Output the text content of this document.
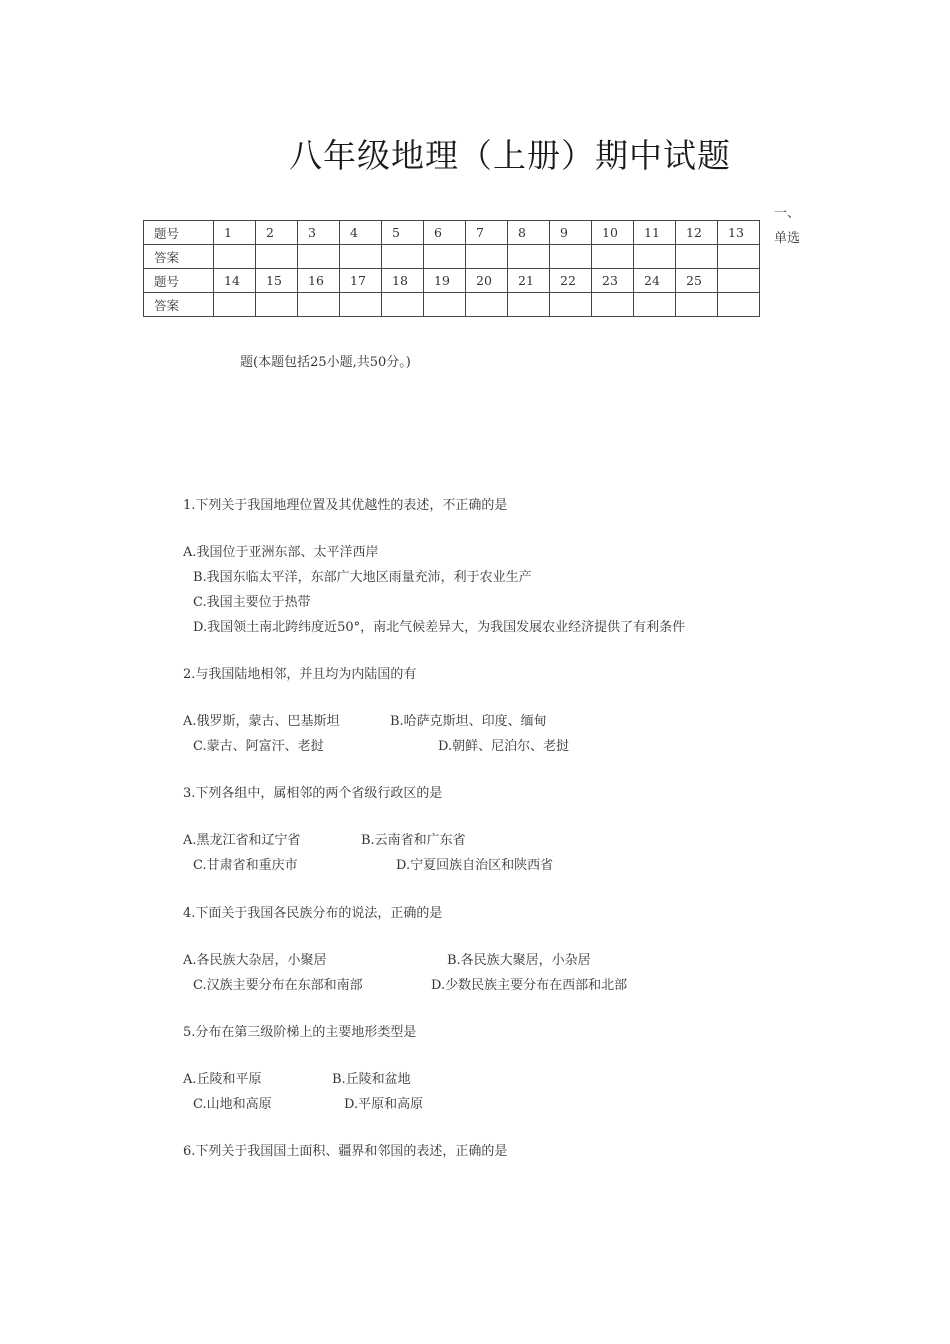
八年级地理（上册）期中试题
一、
单选
题号	1	2	3	4	5	6	7	8	9	10	11	12	13
答案													
题号	14	15	16	17	18	19	20	21	22	23	24	25	
答案													
题(本题包括25小题,共50分。)
1.下列关于我国地理位置及其优越性的表述，不正确的是
A.我国位于亚洲东部、太平洋西岸
B.我国东临太平洋，东部广大地区雨量充沛，利于农业生产
C.我国主要位于热带
D.我国领土南北跨纬度近50°，南北气候差异大，为我国发展农业经济提供了有利条件
2.与我国陆地相邻，并且均为内陆国的有
A.俄罗斯，蒙古、巴基斯坦	B.哈萨克斯坦、印度、缅甸
C.蒙古、阿富汗、老挝	D.朝鲜、尼泊尔、老挝
3.下列各组中，属相邻的两个省级行政区的是
A.黑龙江省和辽宁省	B.云南省和广东省
C.甘肃省和重庆市	D.宁夏回族自治区和陕西省
4.下面关于我国各民族分布的说法，正确的是
A.各民族大杂居，小聚居	B.各民族大聚居，小杂居
C.汉族主要分布在东部和南部	D.少数民族主要分布在西部和北部
5.分布在第三级阶梯上的主要地形类型是
A.丘陵和平原	B.丘陵和盆地
C.山地和高原	D.平原和高原
6.下列关于我国国土面积、疆界和邻国的表述，正确的是
